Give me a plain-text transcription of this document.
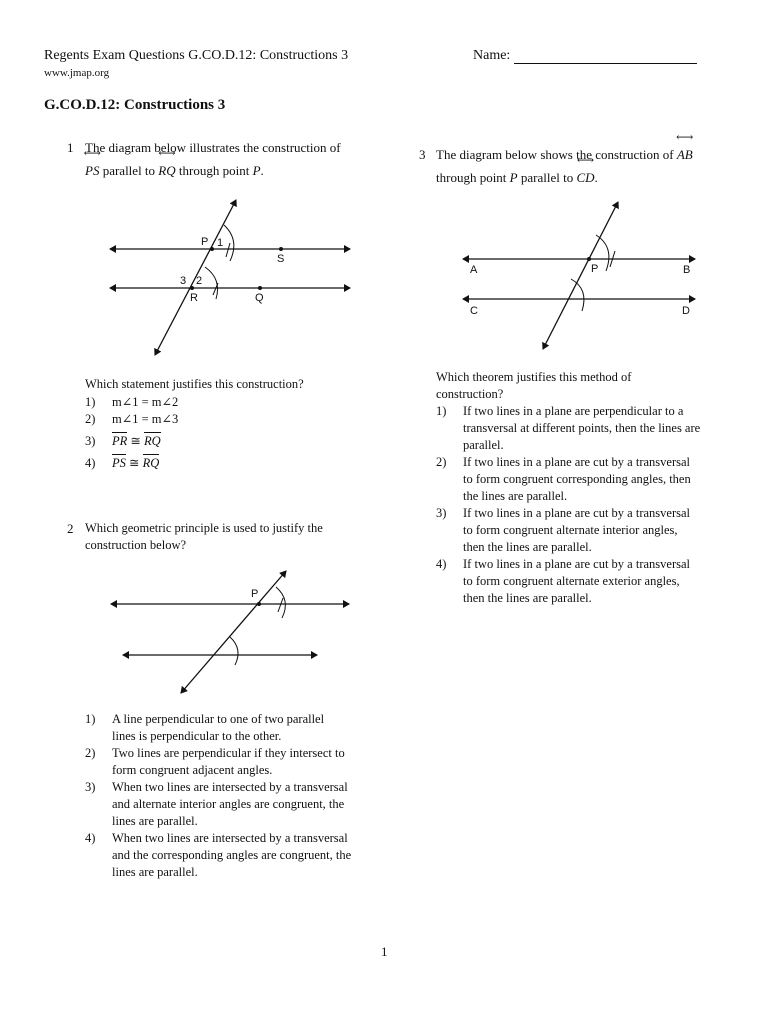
Regents Exam Questions G.CO.D.12: Constructions 3
www.jmap.org
Name:
G.CO.D.12: Constructions 3
1 The diagram below illustrates the construction of
⟷ PS parallel to ⟷ RQ through point P.
P 1
S
3 2
R	Q
Which statement justifies this construction?
1)	m∠1 = m∠2
2)	m∠1 = m∠3
3)	PR ≅ RQ
4)	PS ≅ RQ
2 Which geometric principle is used to justify the
construction below?
P
1)	A line perpendicular to one of two parallel
lines is perpendicular to the other.
2)	Two lines are perpendicular if they intersect to
form congruent adjacent angles.
3)	When two lines are intersected by a transversal
and alternate interior angles are congruent, the
lines are parallel.
4)	When two lines are intersected by a transversal
and the corresponding angles are congruent, the
lines are parallel.
3 The diagram below shows the construction of ⟷ AB
through point P parallel to ⟷ CD.
A	P	B
C	D
Which theorem justifies this method of
construction?
1)	If two lines in a plane are perpendicular to a
transversal at different points, then the lines are
parallel.
2)	If two lines in a plane are cut by a transversal
to form congruent corresponding angles, then
the lines are parallel.
3)	If two lines in a plane are cut by a transversal
to form congruent alternate interior angles,
then the lines are parallel.
4)	If two lines in a plane are cut by a transversal
to form congruent alternate exterior angles,
then the lines are parallel.
1
